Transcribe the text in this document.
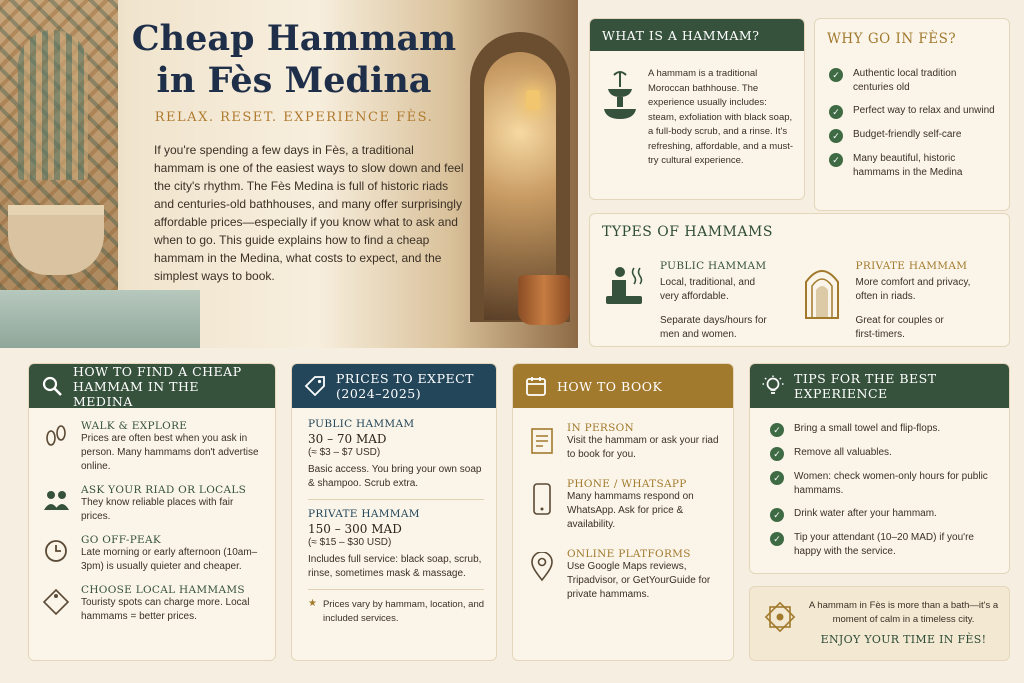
Cheap Hammam
in Fès Medina
RELAX. RESET. EXPERIENCE FÈS.
If you're spending a few days in Fès, a traditional hammam is one of the easiest ways to slow down and feel the city's rhythm. The Fès Medina is full of historic riads and centuries-old bathhouses, and many offer surprisingly affordable prices—especially if you know what to ask and when to go. This guide explains how to find a cheap hammam in the Medina, what costs to expect, and the simplest ways to book.
WHAT IS A HAMMAM?
A hammam is a traditional Moroccan bathhouse. The experience usually includes: steam, exfoliation with black soap, a full-body scrub, and a rinse. It's refreshing, affordable, and a must-try cultural experience.
WHY GO IN FÈS?
✓	Authentic local tradition centuries old
✓	Perfect way to relax and unwind
✓	Budget-friendly self-care
✓	Many beautiful, historic hammams in the Medina
TYPES OF HAMMAMS
PUBLIC HAMMAM
Local, traditional, and very affordable.
Separate days/hours for men and women.
PRIVATE HAMMAM
More comfort and privacy, often in riads.
Great for couples or first-timers.
HOW TO FIND A CHEAP HAMMAM IN THE MEDINA
WALK & EXPLORE
Prices are often best when you ask in person. Many hammams don't advertise online.
ASK YOUR RIAD OR LOCALS
They know reliable places with fair prices.
GO OFF-PEAK
Late morning or early afternoon (10am–3pm) is usually quieter and cheaper.
CHOOSE LOCAL HAMMAMS
Touristy spots can charge more. Local hammams = better prices.
PRICES TO EXPECT (2024–2025)
PUBLIC HAMMAM
30 – 70 MAD
(≈ $3 – $7 USD)
Basic access. You bring your own soap & shampoo. Scrub extra.
PRIVATE HAMMAM
150 – 300 MAD
(≈ $15 – $30 USD)
Includes full service: black soap, scrub, rinse, sometimes mask & massage.
★ Prices vary by hammam, location, and included services.
HOW TO BOOK
IN PERSON
Visit the hammam or ask your riad to book for you.
PHONE / WHATSAPP
Many hammams respond on WhatsApp. Ask for price & availability.
ONLINE PLATFORMS
Use Google Maps reviews, Tripadvisor, or GetYourGuide for private hammams.
TIPS FOR THE BEST EXPERIENCE
✓	Bring a small towel and flip-flops.
✓	Remove all valuables.
✓	Women: check women-only hours for public hammams.
✓	Drink water after your hammam.
✓	Tip your attendant (10–20 MAD) if you're happy with the service.
A hammam in Fès is more than a bath—it's a moment of calm in a timeless city.
ENJOY YOUR TIME IN FÈS!
